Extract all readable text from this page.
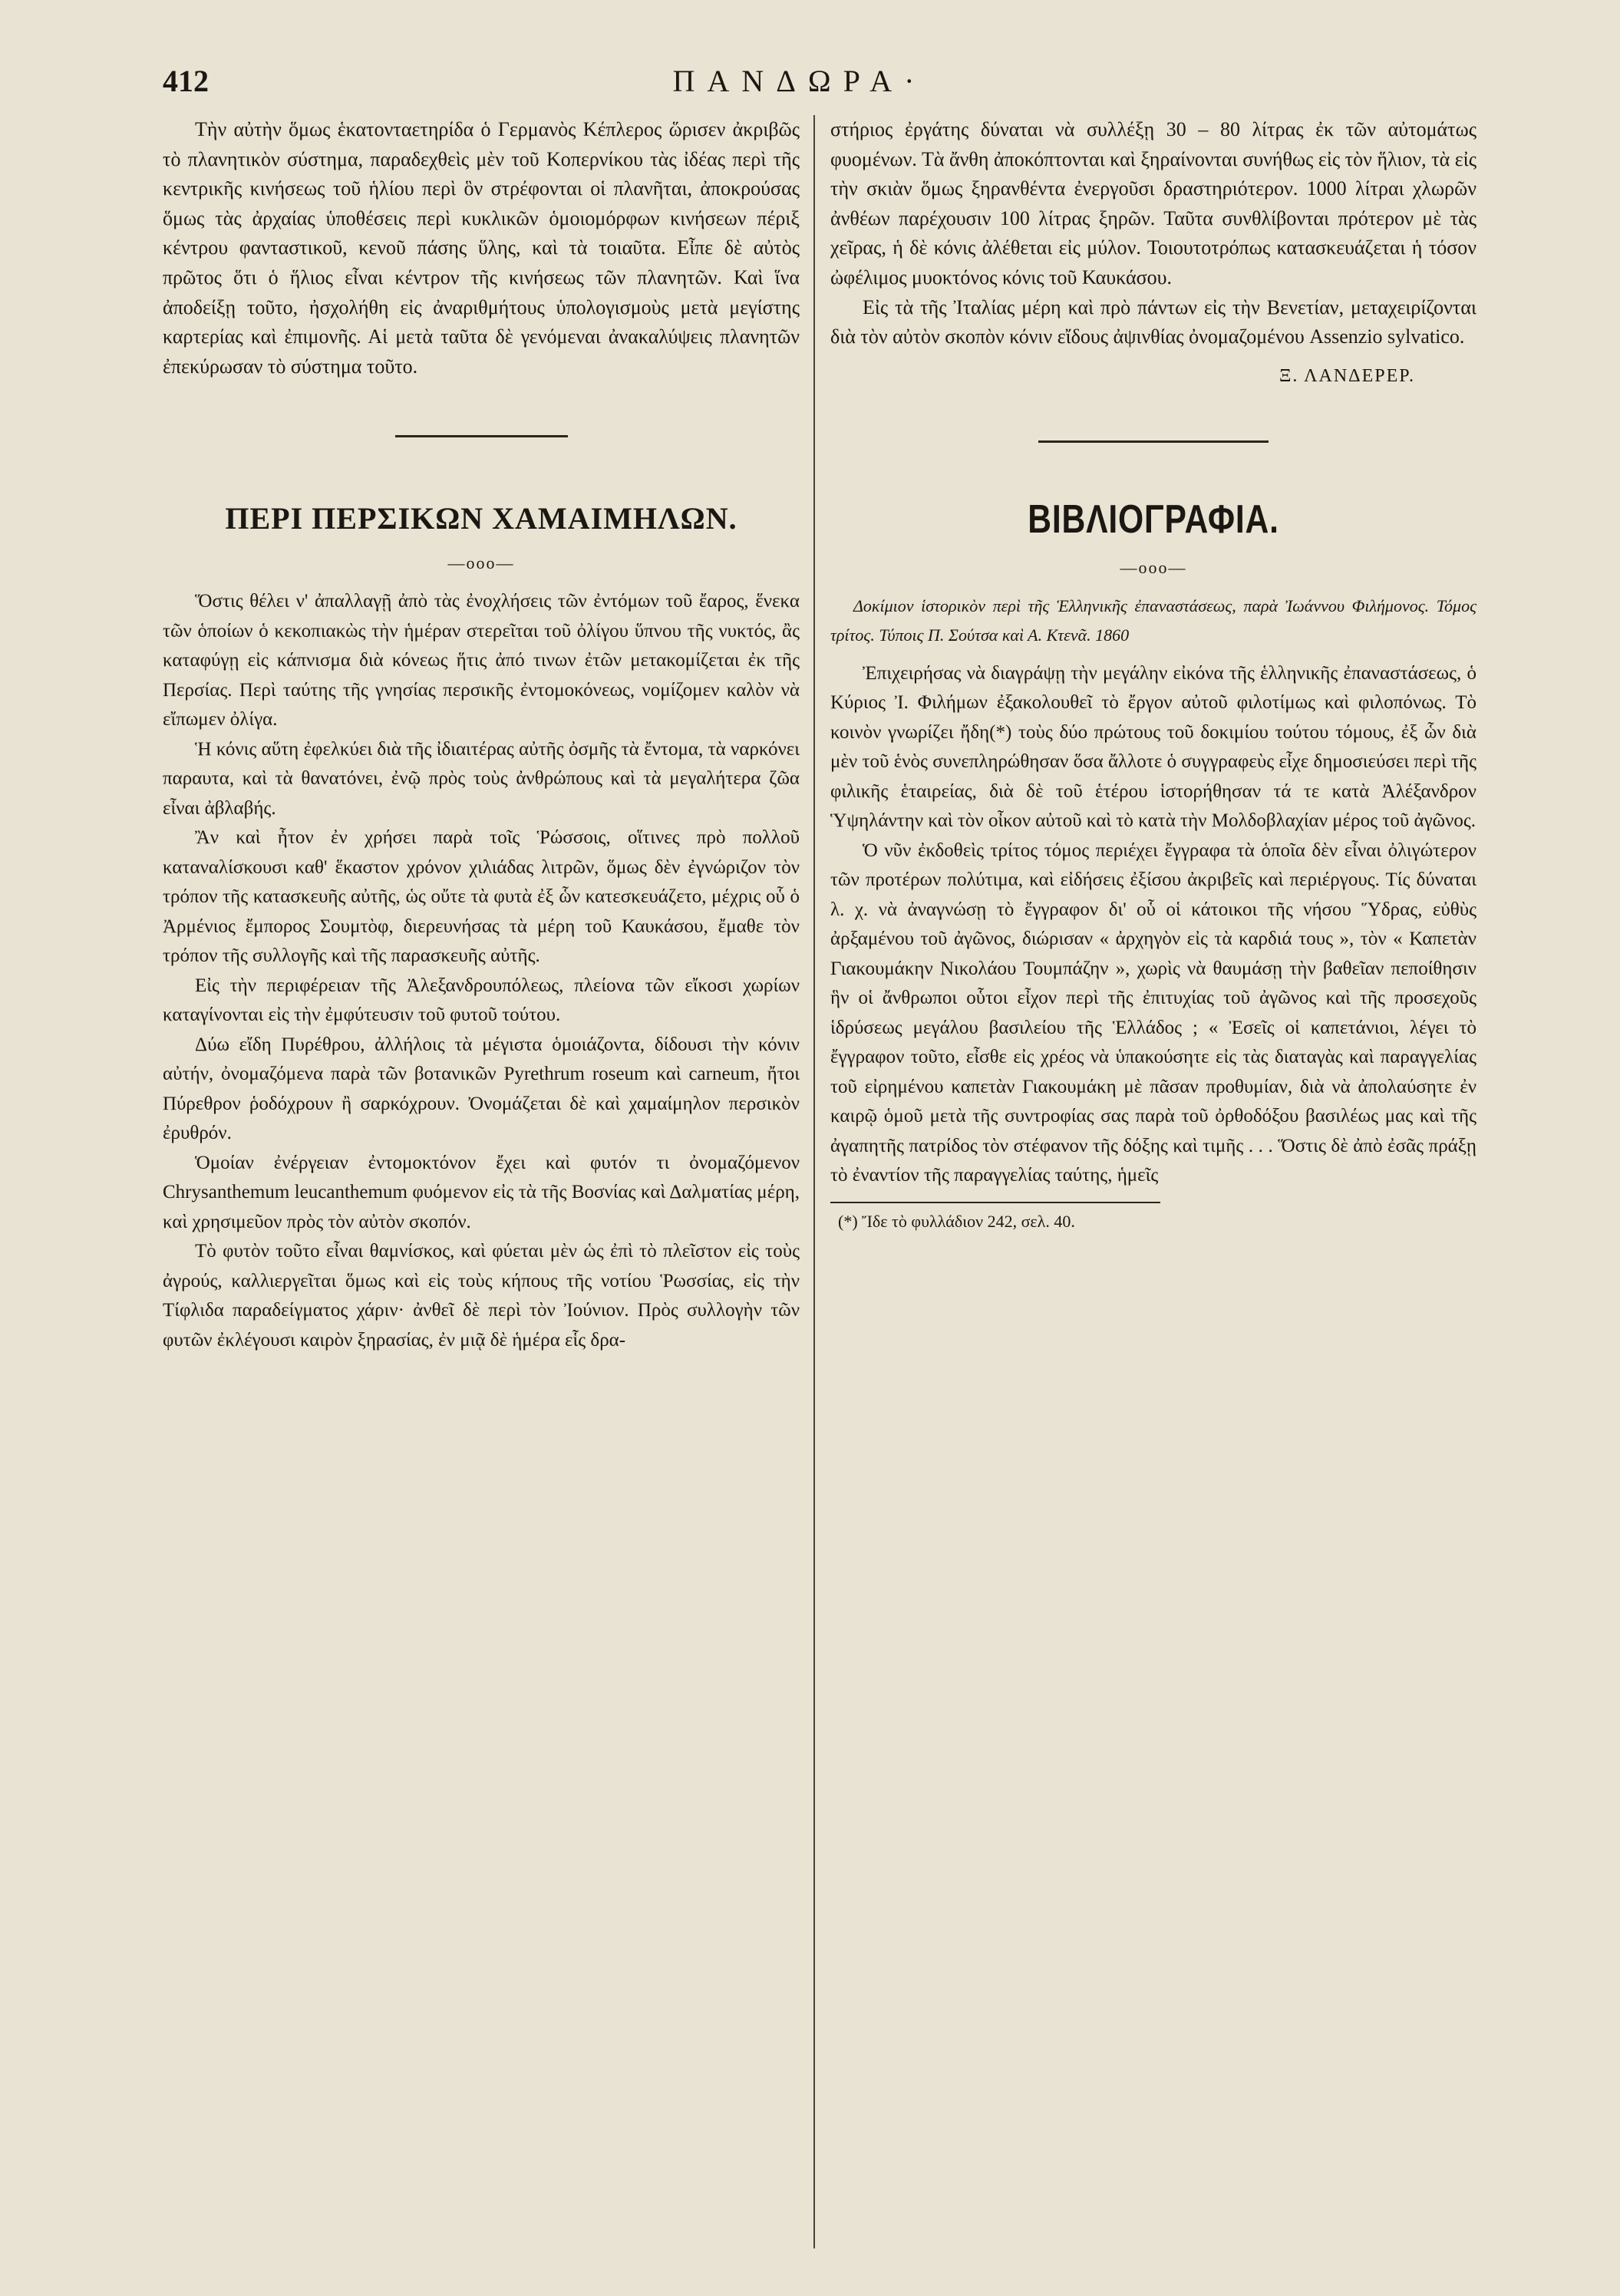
412	ΠΑΝΔΩΡΑ·

Τὴν αὐτὴν ὅμως ἑκατονταετηρίδα ὁ Γερμανὸς Κέπλερος ὥρισεν ἀκριβῶς τὸ πλανητικὸν σύστημα, παραδεχθεὶς μὲν τοῦ Κοπερνίκου τὰς ἰδέας περὶ τῆς κεντρικῆς κινήσεως τοῦ ἡλίου περὶ ὃν στρέφονται οἱ πλανῆται, ἀποκρούσας ὅμως τὰς ἀρχαίας ὑποθέσεις περὶ κυκλικῶν ὁμοιομόρφων κινήσεων πέριξ κέντρου φανταστικοῦ, κενοῦ πάσης ὕλης, καὶ τὰ τοιαῦτα. Εἶπε δὲ αὐτὸς πρῶτος ὅτι ὁ ἥλιος εἶναι κέντρον τῆς κινήσεως τῶν πλανητῶν. Καὶ ἵνα ἀποδείξῃ τοῦτο, ἠσχολήθη εἰς ἀναριθμήτους ὑπολογισμοὺς μετὰ μεγίστης καρτερίας καὶ ἐπιμονῆς. Αἱ μετὰ ταῦτα δὲ γενόμεναι ἀνακαλύψεις πλανητῶν ἐπεκύρωσαν τὸ σύστημα τοῦτο.

ΠΕΡΙ ΠΕΡΣΙΚΩΝ ΧΑΜΑΙΜΗΛΩΝ.

—ooo—

Ὅστις θέλει ν' ἀπαλλαγῇ ἀπὸ τὰς ἐνοχλήσεις τῶν ἐντόμων τοῦ ἔαρος, ἕνεκα τῶν ὁποίων ὁ κεκοπιακὼς τὴν ἡμέραν στερεῖται τοῦ ὀλίγου ὕπνου τῆς νυκτός, ἂς καταφύγῃ εἰς κάπνισμα διὰ κόνεως ἥτις ἀπό τινων ἐτῶν μετακομίζεται ἐκ τῆς Περσίας. Περὶ ταύτης τῆς γνησίας περσικῆς ἐντομοκόνεως, νομίζομεν καλὸν νὰ εἴπωμεν ὀλίγα.

Ἡ κόνις αὕτη ἐφελκύει διὰ τῆς ἰδιαιτέρας αὐτῆς ὀσμῆς τὰ ἔντομα, τὰ ναρκόνει παραυτα, καὶ τὰ θανατόνει, ἐνῷ πρὸς τοὺς ἀνθρώπους καὶ τὰ μεγαλήτερα ζῶα εἶναι ἀβλαβής.

Ἂν καὶ ἦτον ἐν χρήσει παρὰ τοῖς Ῥώσσοις, οἵτινες πρὸ πολλοῦ καταναλίσκουσι καθ' ἕκαστον χρόνον χιλιάδας λιτρῶν, ὅμως δὲν ἐγνώριζον τὸν τρόπον τῆς κατασκευῆς αὐτῆς, ὡς οὔτε τὰ φυτὰ ἐξ ὧν κατεσκευάζετο, μέχρις οὗ ὁ Ἀρμένιος ἔμπορος Σουμτὸφ, διερευνήσας τὰ μέρη τοῦ Καυκάσου, ἔμαθε τὸν τρόπον τῆς συλλογῆς καὶ τῆς παρασκευῆς αὐτῆς.

Εἰς τὴν περιφέρειαν τῆς Ἀλεξανδρουπόλεως, πλείονα τῶν εἴκοσι χωρίων καταγίνονται εἰς τὴν ἐμφύτευσιν τοῦ φυτοῦ τούτου.

Δύω εἴδη Πυρέθρου, ἀλλήλοις τὰ μέγιστα ὁμοιάζοντα, δίδουσι τὴν κόνιν αὐτήν, ὀνομαζόμενα παρὰ τῶν βοτανικῶν Pyrethrum roseum καὶ carneum, ἤτοι Πύρεθρον ῥοδόχρουν ἢ σαρκόχρουν. Ὀνομάζεται δὲ καὶ χαμαίμηλον περσικὸν ἐρυθρόν.

Ὁμοίαν ἐνέργειαν ἐντομοκτόνον ἔχει καὶ φυτόν τι ὀνομαζόμενον Chrysanthemum leucanthemum φυόμενον εἰς τὰ τῆς Βοσνίας καὶ Δαλματίας μέρη, καὶ χρησιμεῦον πρὸς τὸν αὐτὸν σκοπόν.

Τὸ φυτὸν τοῦτο εἶναι θαμνίσκος, καὶ φύεται μὲν ὡς ἐπὶ τὸ πλεῖστον εἰς τοὺς ἀγρούς, καλλιεργεῖται ὅμως καὶ εἰς τοὺς κήπους τῆς νοτίου Ῥωσσίας, εἰς τὴν Τίφλιδα παραδείγματος χάριν· ἀνθεῖ δὲ περὶ τὸν Ἰούνιον. Πρὸς συλλογὴν τῶν φυτῶν ἐκλέγουσι καιρὸν ξηρασίας, ἐν μιᾷ δὲ ἡμέρα εἷς δρα-

στήριος ἐργάτης δύναται νὰ συλλέξῃ 30 – 80 λίτρας ἐκ τῶν αὐτομάτως φυομένων. Τὰ ἄνθη ἀποκόπτονται καὶ ξηραίνονται συνήθως εἰς τὸν ἥλιον, τὰ εἰς τὴν σκιὰν ὅμως ξηρανθέντα ἐνεργοῦσι δραστηριότερον. 1000 λίτραι χλωρῶν ἀνθέων παρέχουσιν 100 λίτρας ξηρῶν. Ταῦτα συνθλίβονται πρότερον μὲ τὰς χεῖρας, ἡ δὲ κόνις ἀλέθεται εἰς μύλον. Τοιουτοτρόπως κατασκευάζεται ἡ τόσον ὠφέλιμος μυοκτόνος κόνις τοῦ Καυκάσου.

Εἰς τὰ τῆς Ἰταλίας μέρη καὶ πρὸ πάντων εἰς τὴν Βενετίαν, μεταχειρίζονται διὰ τὸν αὐτὸν σκοπὸν κόνιν εἴδους ἀψινθίας ὀνομαζομένου Assenzio sylvatico.

Ξ. ΛΑΝΔΕΡΕΡ.

ΒΙΒΛΙΟΓΡΑΦΙΑ.

—ooo—

Δοκίμιον ἱστορικὸν περὶ τῆς Ἑλληνικῆς ἐπαναστάσεως, παρὰ Ἰωάννου Φιλήμονος. Τόμος τρίτος. Τύποις Π. Σούτσα καὶ Α. Κτενᾶ. 1860

Ἐπιχειρήσας νὰ διαγράψῃ τὴν μεγάλην εἰκόνα τῆς ἑλληνικῆς ἐπαναστάσεως, ὁ Κύριος Ἰ. Φιλήμων ἐξακολουθεῖ τὸ ἔργον αὐτοῦ φιλοτίμως καὶ φιλοπόνως. Τὸ κοινὸν γνωρίζει ἤδη(*) τοὺς δύο πρώτους τοῦ δοκιμίου τούτου τόμους, ἐξ ὧν διὰ μὲν τοῦ ἑνὸς συνεπληρώθησαν ὅσα ἄλλοτε ὁ συγγραφεὺς εἶχε δημοσιεύσει περὶ τῆς φιλικῆς ἑταιρείας, διὰ δὲ τοῦ ἑτέρου ἱστορήθησαν τά τε κατὰ Ἀλέξανδρον Ὑψηλάντην καὶ τὸν οἶκον αὐτοῦ καὶ τὸ κατὰ τὴν Μολδοβλαχίαν μέρος τοῦ ἀγῶνος.

Ὁ νῦν ἐκδοθεὶς τρίτος τόμος περιέχει ἔγγραφα τὰ ὁποῖα δὲν εἶναι ὀλιγώτερον τῶν προτέρων πολύτιμα, καὶ εἰδήσεις ἐξίσου ἀκριβεῖς καὶ περιέργους. Τίς δύναται λ. χ. νὰ ἀναγνώσῃ τὸ ἔγγραφον δι' οὗ οἱ κάτοικοι τῆς νήσου Ὕδρας, εὐθὺς ἀρξαμένου τοῦ ἀγῶνος, διώρισαν « ἀρχηγὸν εἰς τὰ καρδιά τους », τὸν « Καπετὰν Γιακουμάκην Νικολάου Τουμπάζην », χωρὶς νὰ θαυμάσῃ τὴν βαθεῖαν πεποίθησιν ἣν οἱ ἄνθρωποι οὗτοι εἶχον περὶ τῆς ἐπιτυχίας τοῦ ἀγῶνος καὶ τῆς προσεχοῦς ἱδρύσεως μεγάλου βασιλείου τῆς Ἑλλάδος ; « Ἐσεῖς οἱ καπετάνιοι, λέγει τὸ ἔγγραφον τοῦτο, εἶσθε εἰς χρέος νὰ ὑπακούσητε εἰς τὰς διαταγὰς καὶ παραγγελίας τοῦ εἰρημένου καπετὰν Γιακουμάκη μὲ πᾶσαν προθυμίαν, διὰ νὰ ἀπολαύσητε ἐν καιρῷ ὁμοῦ μετὰ τῆς συντροφίας σας παρὰ τοῦ ὀρθοδόξου βασιλέως μας καὶ τῆς ἀγαπητῆς πατρίδος τὸν στέφανον τῆς δόξης καὶ τιμῆς . . . Ὅστις δὲ ἀπὸ ἐσᾶς πράξῃ τὸ ἐναντίον τῆς παραγγελίας ταύτης, ἡμεῖς

(*) Ἴδε τὸ φυλλάδιον 242, σελ. 40.
